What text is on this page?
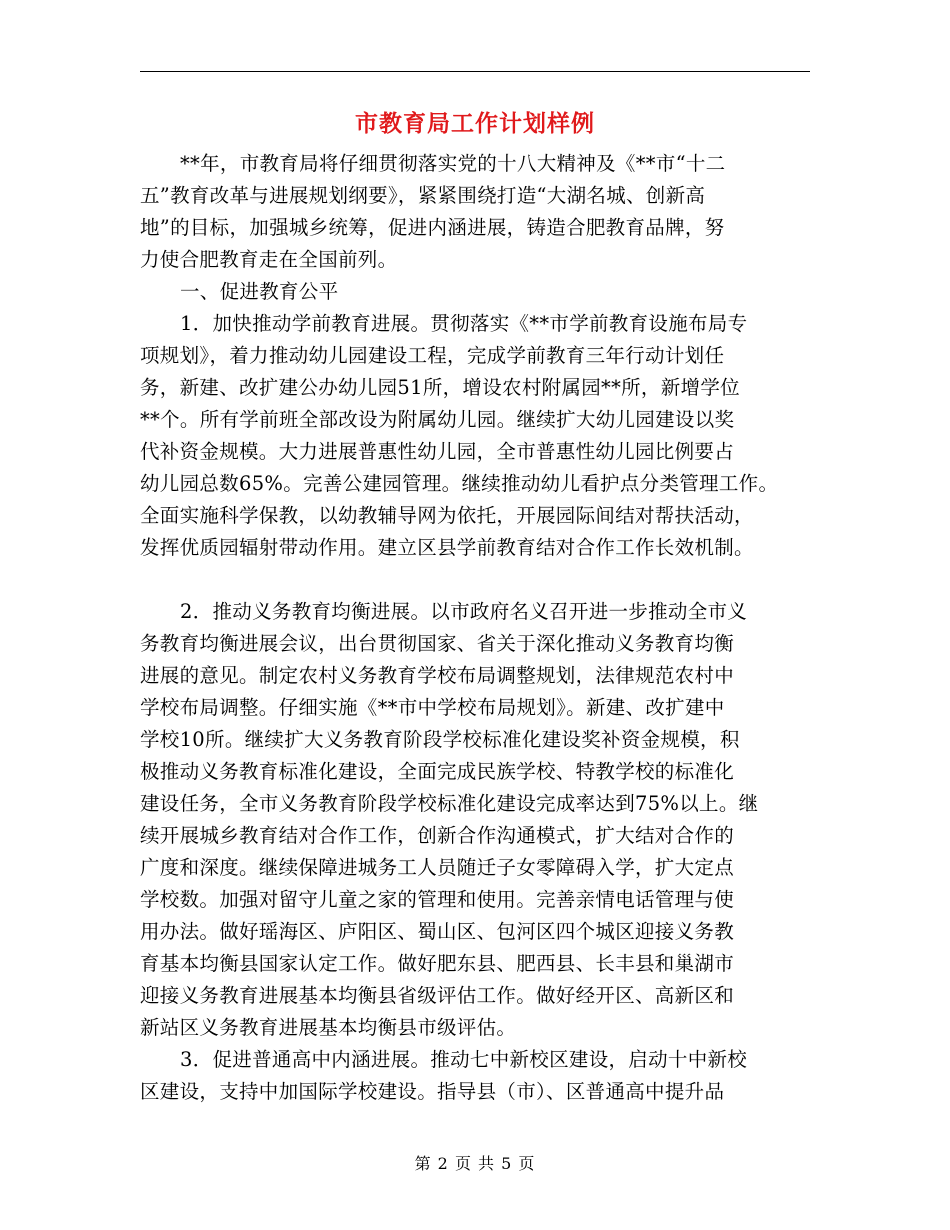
市教育局工作计划样例
**年，市教育局将仔细贯彻落实党的十八大精神及《**市“十二
五”教育改革与进展规划纲要》，紧紧围绕打造“大湖名城、创新高
地”的目标，加强城乡统筹，促进内涵进展，铸造合肥教育品牌，努
力使合肥教育走在全国前列。
一、促进教育公平
1．加快推动学前教育进展。贯彻落实《**市学前教育设施布局专
项规划》，着力推动幼儿园建设工程，完成学前教育三年行动计划任
务，新建、改扩建公办幼儿园51所，增设农村附属园**所，新增学位
**个。所有学前班全部改设为附属幼儿园。继续扩大幼儿园建设以奖
代补资金规模。大力进展普惠性幼儿园，全市普惠性幼儿园比例要占
幼儿园总数65%。完善公建园管理。继续推动幼儿看护点分类管理工作。
全面实施科学保教，以幼教辅导网为依托，开展园际间结对帮扶活动，
发挥优质园辐射带动作用。建立区县学前教育结对合作工作长效机制。
2．推动义务教育均衡进展。以市政府名义召开进一步推动全市义
务教育均衡进展会议，出台贯彻国家、省关于深化推动义务教育均衡
进展的意见。制定农村义务教育学校布局调整规划，法律规范农村中
学校布局调整。仔细实施《**市中学校布局规划》。新建、改扩建中
学校10所。继续扩大义务教育阶段学校标准化建设奖补资金规模，积
极推动义务教育标准化建设，全面完成民族学校、特教学校的标准化
建设任务，全市义务教育阶段学校标准化建设完成率达到75%以上。继
续开展城乡教育结对合作工作，创新合作沟通模式，扩大结对合作的
广度和深度。继续保障进城务工人员随迁子女零障碍入学，扩大定点
学校数。加强对留守儿童之家的管理和使用。完善亲情电话管理与使
用办法。做好瑶海区、庐阳区、蜀山区、包河区四个城区迎接义务教
育基本均衡县国家认定工作。做好肥东县、肥西县、长丰县和巢湖市
迎接义务教育进展基本均衡县省级评估工作。做好经开区、高新区和
新站区义务教育进展基本均衡县市级评估。
3．促进普通高中内涵进展。推动七中新校区建设，启动十中新校
区建设，支持中加国际学校建设。指导县（市）、区普通高中提升品
第 2 页 共 5 页
